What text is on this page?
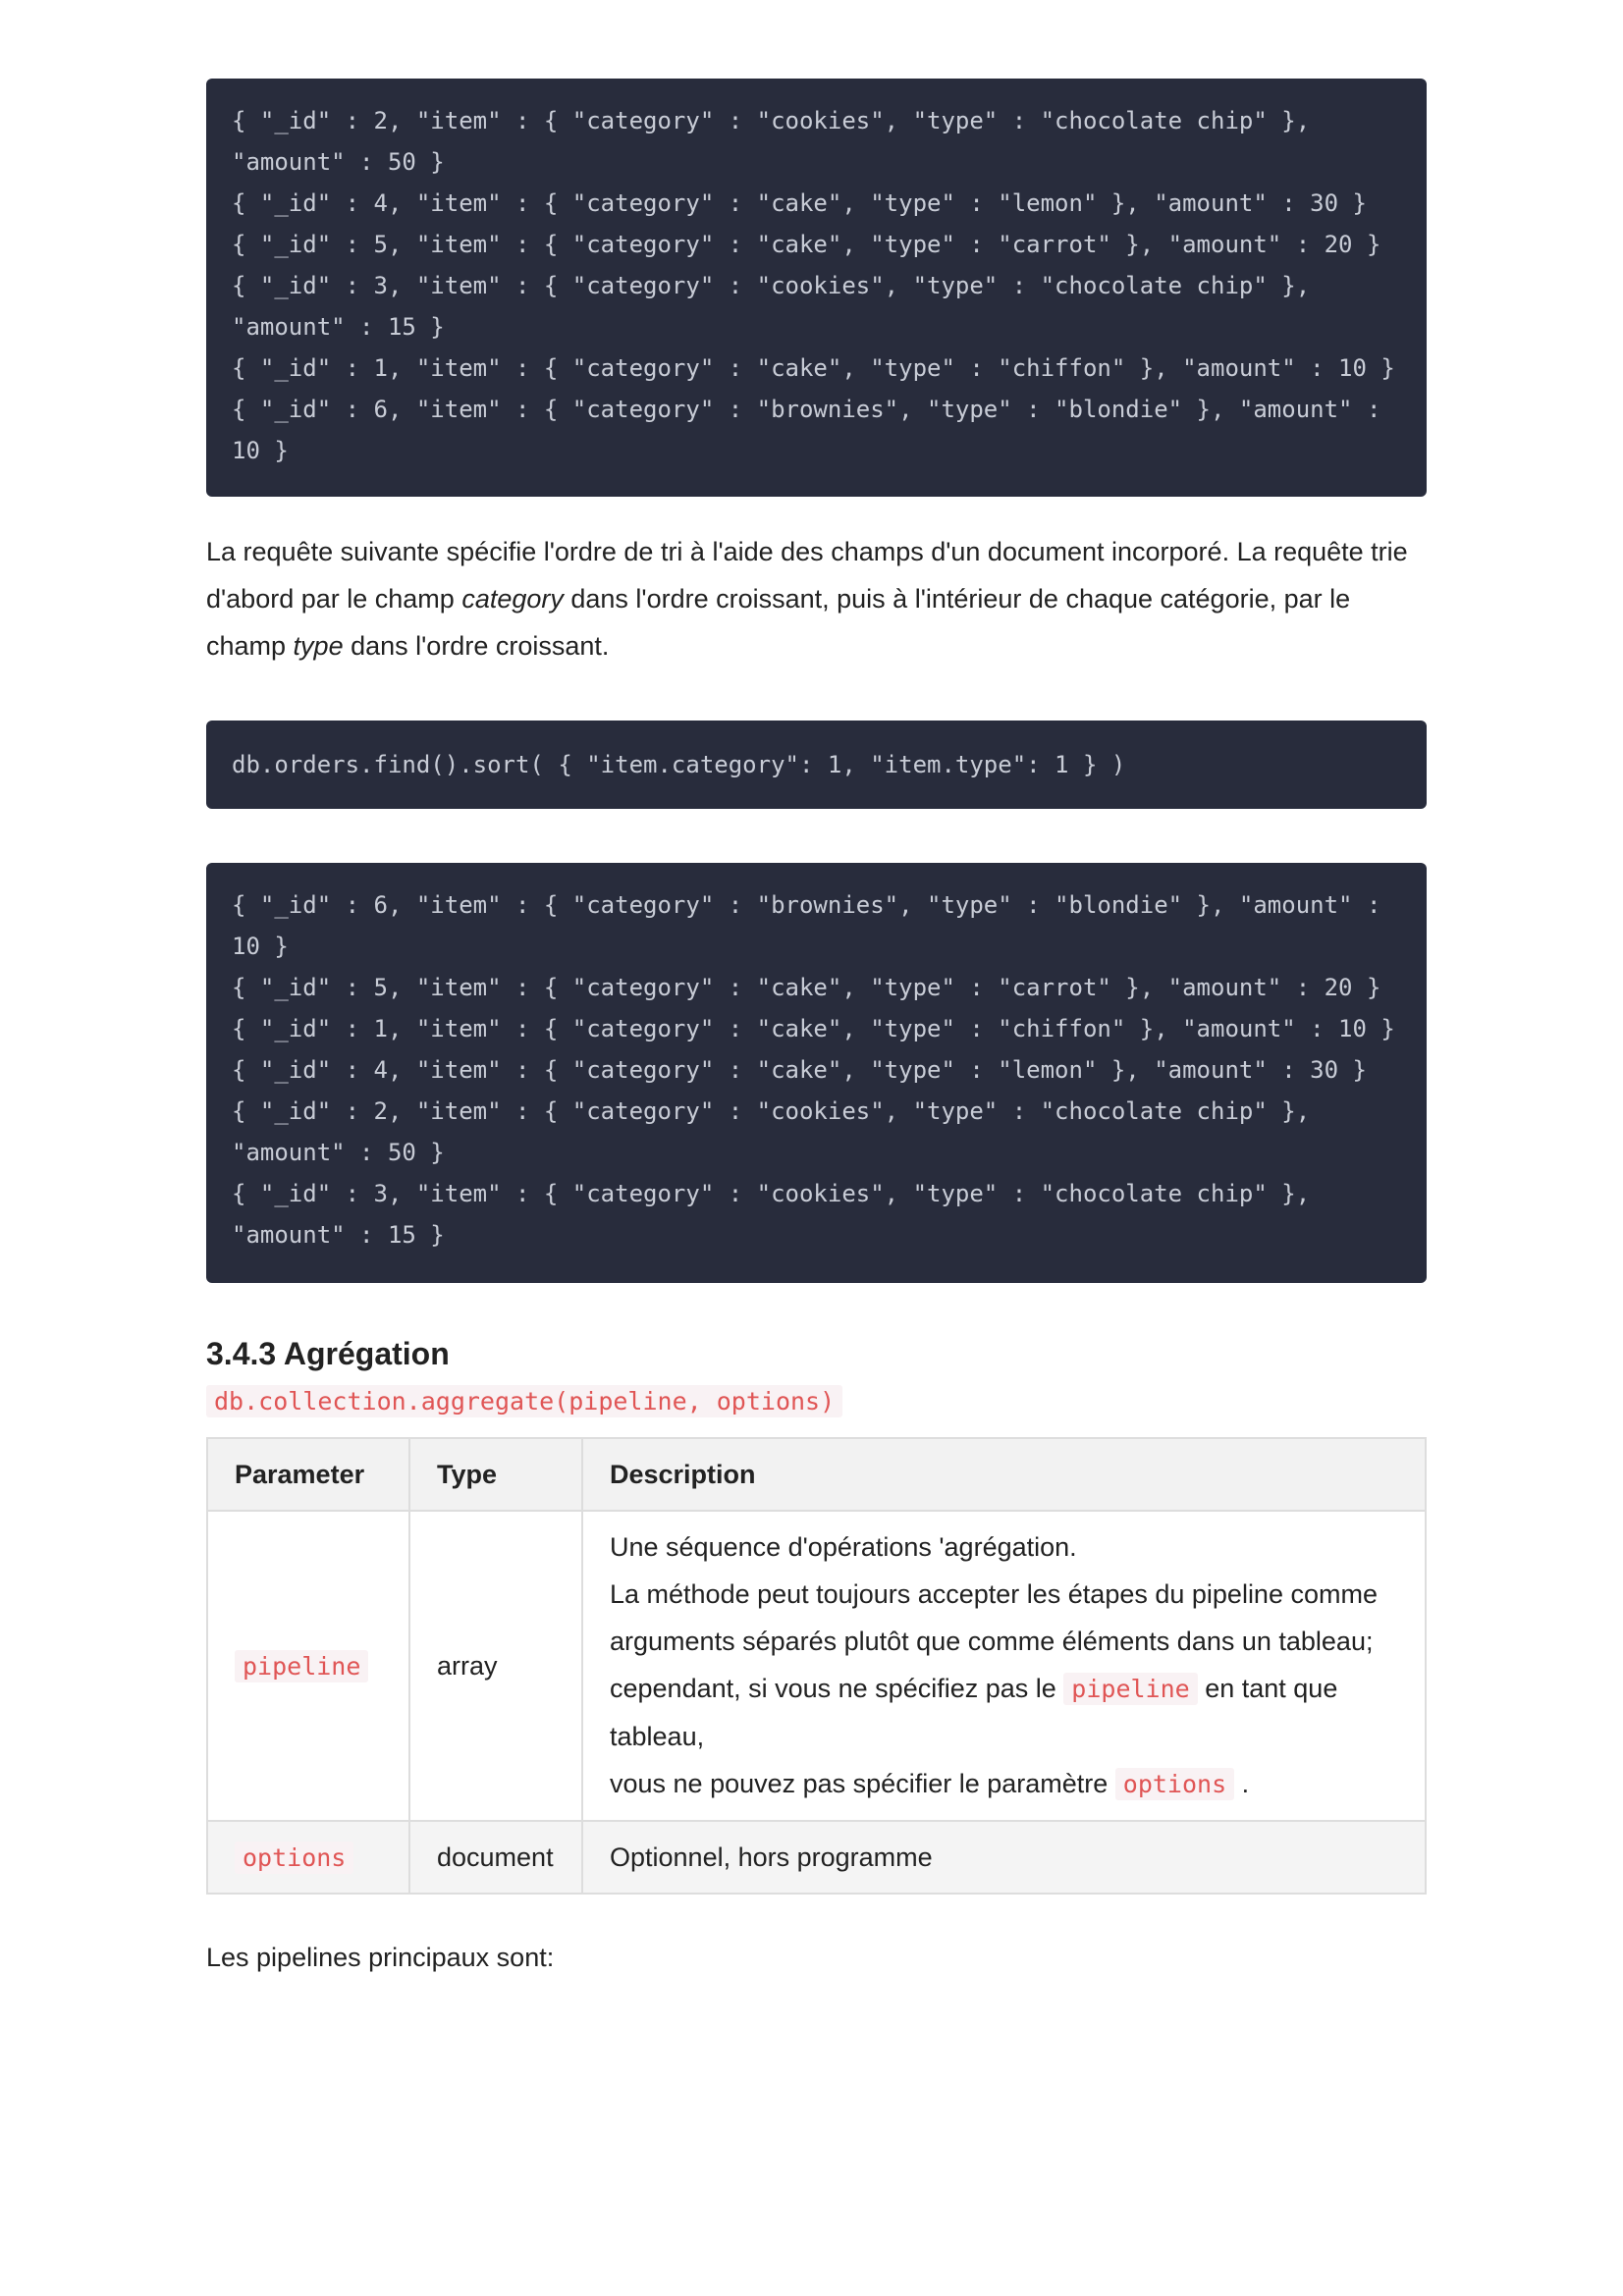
{ "_id" : 2, "item" : { "category" : "cookies", "type" : "chocolate chip" },
"amount" : 50 }
{ "_id" : 4, "item" : { "category" : "cake", "type" : "lemon" }, "amount" : 30 }
{ "_id" : 5, "item" : { "category" : "cake", "type" : "carrot" }, "amount" : 20 }
{ "_id" : 3, "item" : { "category" : "cookies", "type" : "chocolate chip" },
"amount" : 15 }
{ "_id" : 1, "item" : { "category" : "cake", "type" : "chiffon" }, "amount" : 10 }
{ "_id" : 6, "item" : { "category" : "brownies", "type" : "blondie" }, "amount" :
10 }

La requête suivante spécifie l'ordre de tri à l'aide des champs d'un document incorporé. La requête trie d'abord par le champ category dans l'ordre croissant, puis à l'intérieur de chaque catégorie, par le champ type dans l'ordre croissant.

db.orders.find().sort( { "item.category": 1, "item.type": 1 } )
{ "_id" : 6, "item" : { "category" : "brownies", "type" : "blondie" }, "amount" :
10 }
{ "_id" : 5, "item" : { "category" : "cake", "type" : "carrot" }, "amount" : 20 }
{ "_id" : 1, "item" : { "category" : "cake", "type" : "chiffon" }, "amount" : 10 }
{ "_id" : 4, "item" : { "category" : "cake", "type" : "lemon" }, "amount" : 30 }
{ "_id" : 2, "item" : { "category" : "cookies", "type" : "chocolate chip" },
"amount" : 50 }
{ "_id" : 3, "item" : { "category" : "cookies", "type" : "chocolate chip" },
"amount" : 15 }
3.4.3 Agrégation
db.collection.aggregate(pipeline, options)
Parameter	Type	Description
pipeline	array	Une séquence d'opérations 'agrégation.
La méthode peut toujours accepter les étapes du pipeline comme
arguments séparés plutôt que comme éléments dans un tableau;
cependant, si vous ne spécifiez pas le pipeline en tant que tableau,
vous ne pouvez pas spécifier le paramètre options .

options	document	Optionnel, hors programme

Les pipelines principaux sont:
